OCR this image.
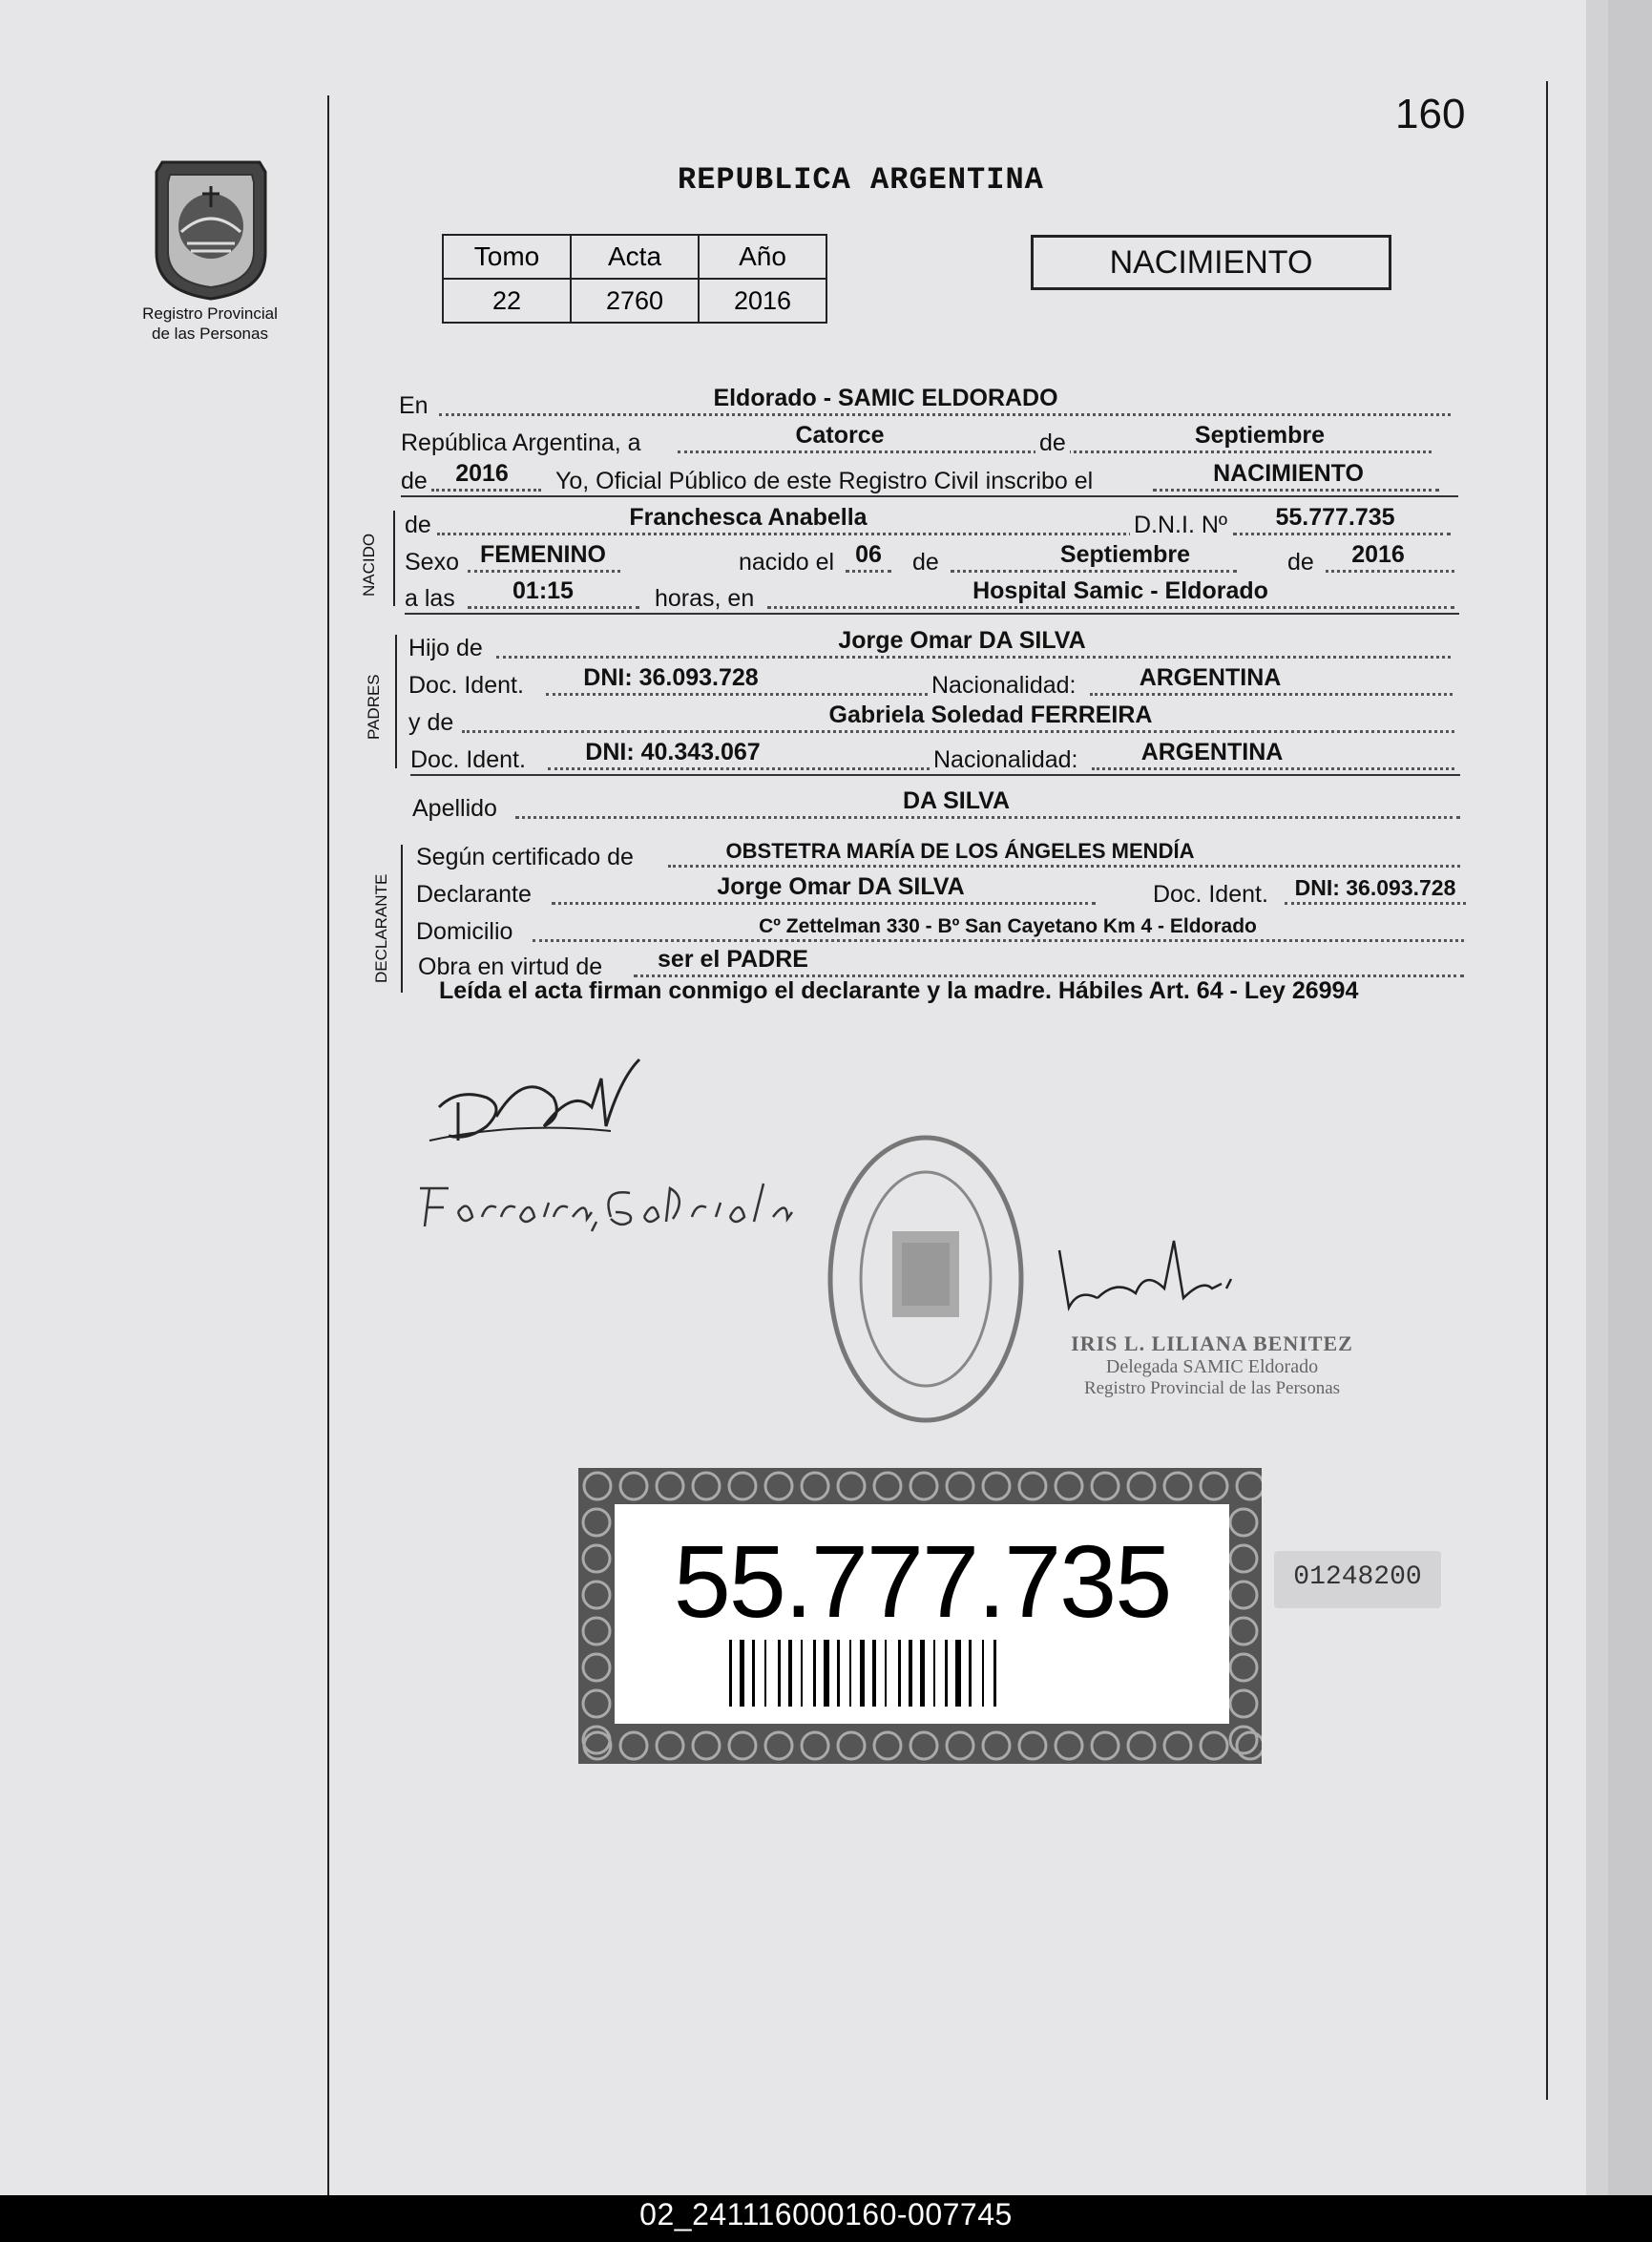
160
REPUBLICA ARGENTINA
Registro Provincial
de las Personas
Tomo	Acta	Año
22	2760	2016
NACIMIENTO
En	Eldorado - SAMIC ELDORADO
República Argentina, a	Catorce	de	Septiembre
de	2016	Yo, Oficial Público de este Registro Civil inscribo el	NACIMIENTO
NACIDO
de	Franchesca Anabella	D.N.I. Nº	55.777.735
Sexo FEMENINO	nacido el 06	de	Septiembre	de	2016
a las	01:15	horas, en	Hospital Samic - Eldorado
PADRES
Hijo de	Jorge Omar DA SILVA
Doc. Ident.	DNI: 36.093.728	Nacionalidad:	ARGENTINA
y de	Gabriela Soledad FERREIRA
Doc. Ident.	DNI: 40.343.067	Nacionalidad:	ARGENTINA
Apellido	DA SILVA
DECLARANTE
Según certificado de	OBSTETRA MARÍA DE LOS ÁNGELES MENDÍA
Declarante	Jorge Omar DA SILVA	Doc. Ident.	DNI: 36.093.728
Domicilio	Cº Zettelman 330 - Bº San Cayetano Km 4 - Eldorado
Obra en virtud de	ser el PADRE
Leída el acta firman conmigo el declarante y la madre. Hábiles Art. 64 - Ley 26994
IRIS L. LILIANA BENITEZ
Delegada SAMIC Eldorado
Registro Provincial de las Personas
55.777.735	01248200
02_241116000160-007745
